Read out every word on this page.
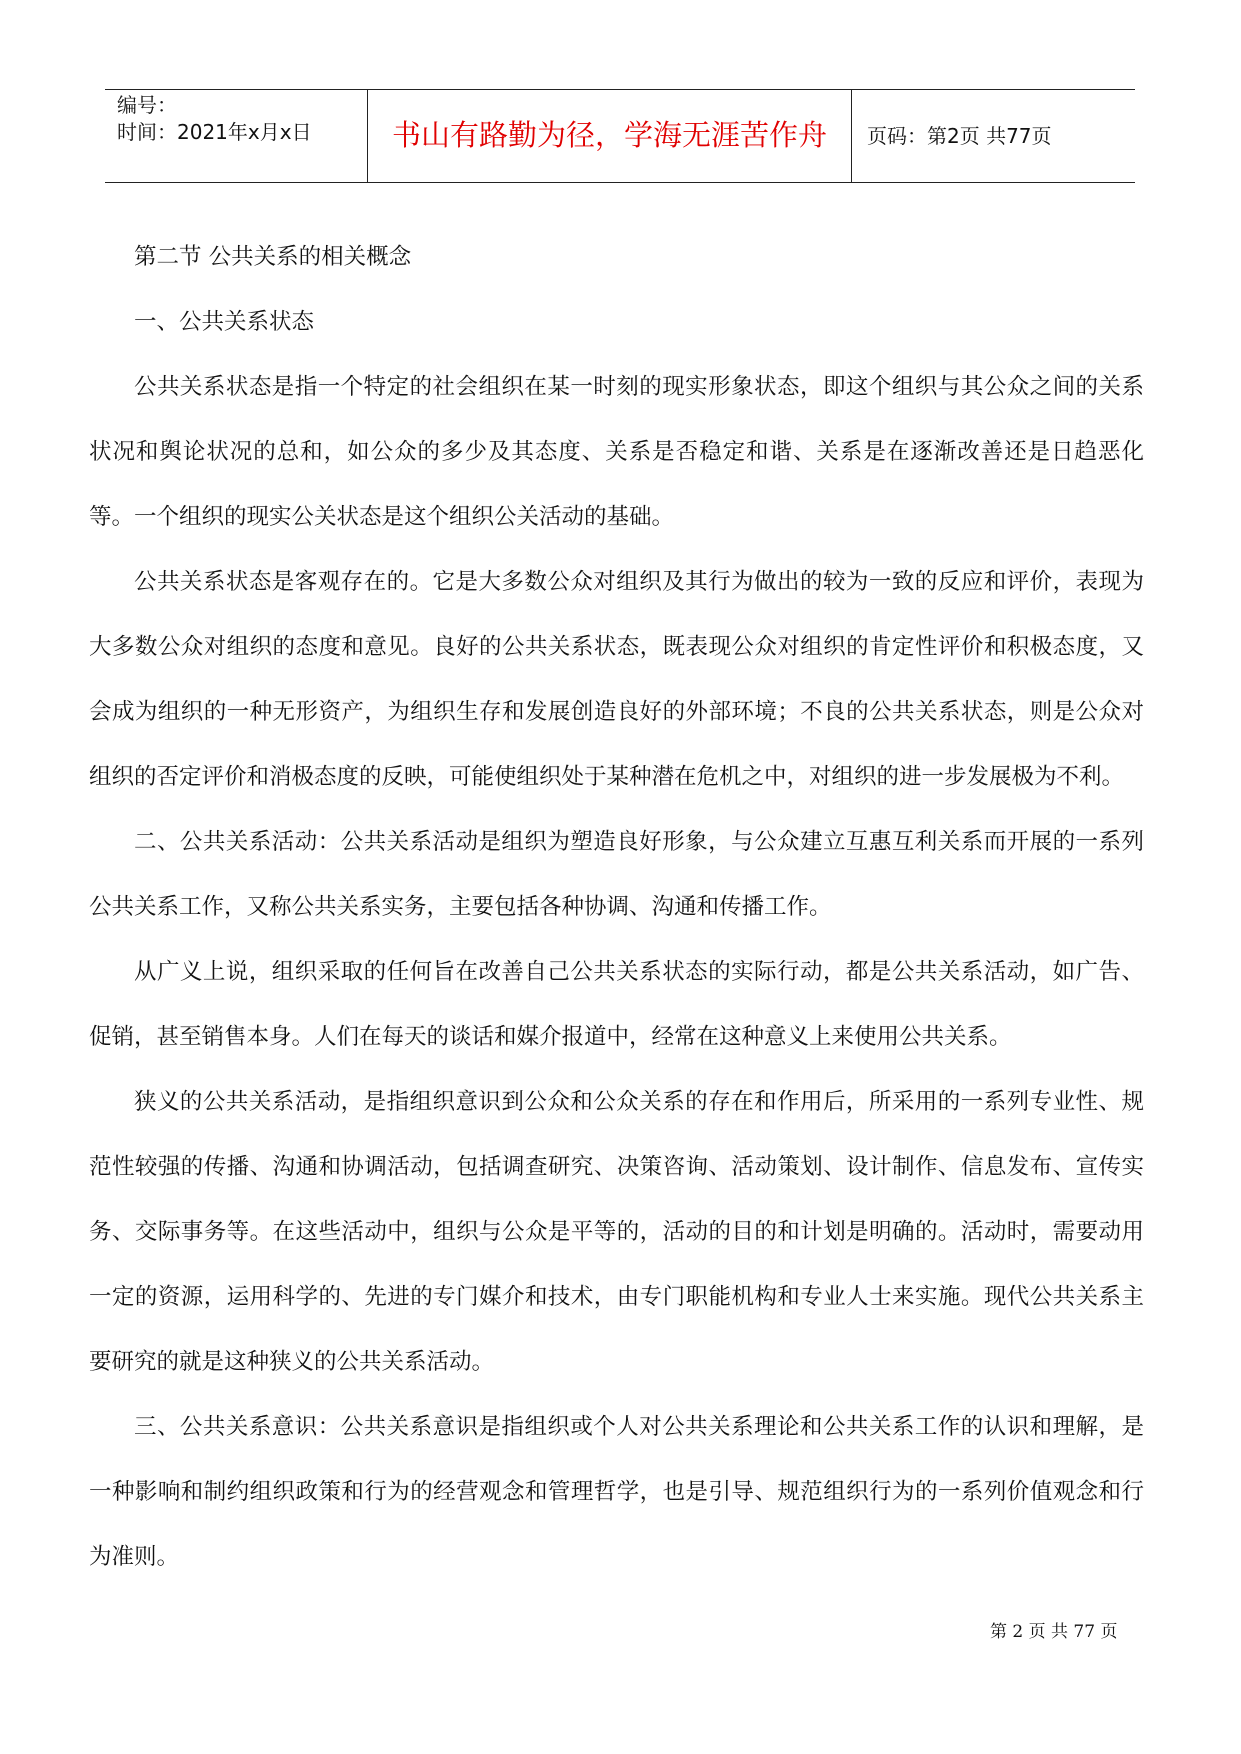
编号：
时间：2021年x月x日	书山有路勤为径，学海无涯苦作舟	页码：第2页 共77页

第二节 公共关系的相关概念

一、公共关系状态

公共关系状态是指一个特定的社会组织在某一时刻的现实形象状态，即这个组织与其公众之间的关系状况和舆论状况的总和，如公众的多少及其态度、关系是否稳定和谐、关系是在逐渐改善还是日趋恶化等。一个组织的现实公关状态是这个组织公关活动的基础。

公共关系状态是客观存在的。它是大多数公众对组织及其行为做出的较为一致的反应和评价，表现为大多数公众对组织的态度和意见。良好的公共关系状态，既表现公众对组织的肯定性评价和积极态度，又会成为组织的一种无形资产，为组织生存和发展创造良好的外部环境；不良的公共关系状态，则是公众对组织的否定评价和消极态度的反映，可能使组织处于某种潜在危机之中，对组织的进一步发展极为不利。

二、公共关系活动：公共关系活动是组织为塑造良好形象，与公众建立互惠互利关系而开展的一系列公共关系工作，又称公共关系实务，主要包括各种协调、沟通和传播工作。

从广义上说，组织采取的任何旨在改善自己公共关系状态的实际行动，都是公共关系活动，如广告、促销，甚至销售本身。人们在每天的谈话和媒介报道中，经常在这种意义上来使用公共关系。

狭义的公共关系活动，是指组织意识到公众和公众关系的存在和作用后，所采用的一系列专业性、规范性较强的传播、沟通和协调活动，包括调查研究、决策咨询、活动策划、设计制作、信息发布、宣传实务、交际事务等。在这些活动中，组织与公众是平等的，活动的目的和计划是明确的。活动时，需要动用一定的资源，运用科学的、先进的专门媒介和技术，由专门职能机构和专业人士来实施。现代公共关系主要研究的就是这种狭义的公共关系活动。

三、公共关系意识：公共关系意识是指组织或个人对公共关系理论和公共关系工作的认识和理解，是一种影响和制约组织政策和行为的经营观念和管理哲学，也是引导、规范组织行为的一系列价值观念和行为准则。

第 2 页 共 77 页
